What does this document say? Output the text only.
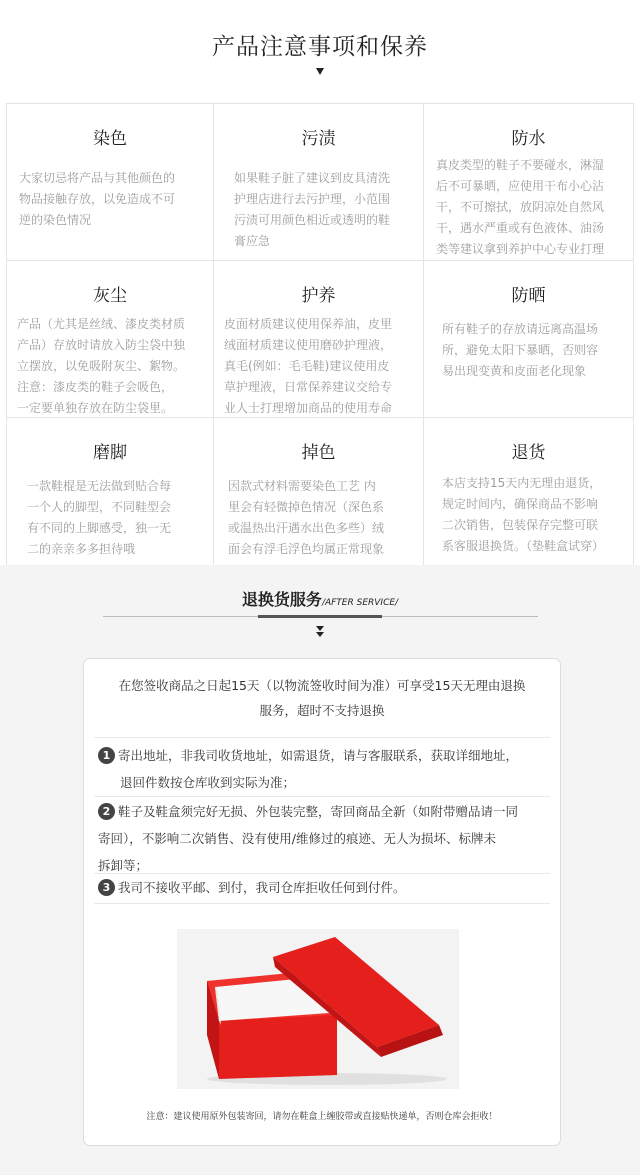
产品注意事项和保养
染色
大家切忌将产品与其他颜色的
物品接触存放，以免造成不可
逆的染色情况
污渍
如果鞋子脏了建议到皮具清洗
护理店进行去污护理，小范围
污渍可用颜色相近或透明的鞋
膏应急
防水
真皮类型的鞋子不要碰水，淋湿
后不可暴晒，应使用干布小心沾
干，不可擦拭，放阴凉处自然风
干，遇水严重或有色液体、油汤
类等建议拿到养护中心专业打理
灰尘
产品（尤其是丝绒、漆皮类材质
产品）存放时请放入防尘袋中独
立摆放，以免吸附灰尘、絮物。
注意：漆皮类的鞋子会吸色，
一定要单独存放在防尘袋里。
护养
皮面材质建议使用保养油，皮里
绒面材质建议使用磨砂护理液，
真毛(例如：毛毛鞋)建议使用皮
草护理液，日常保养建议交给专
业人士打理增加商品的使用寿命
防晒
所有鞋子的存放请远离高温场
所，避免太阳下暴晒，否则容
易出现变黄和皮面老化现象
磨脚
一款鞋棍是无法做到贴合每
一个人的脚型，不同鞋型会
有不同的上脚感受，独一无
二的亲亲多多担待哦
掉色
因款式材料需要染色工艺 内
里会有轻微掉色情况（深色系
或温热出汗遇水出色多些）绒
面会有浮毛浮色均属正常现象
退货
本店支持15天内无理由退货，
规定时间内，确保商品不影响
二次销售，包装保存完整可联
系客服退换货。（垫鞋盒试穿）
退换货服务/AFTER SERVICE/
在您签收商品之日起15天（以物流签收时间为准）可享受15天无理由退换
服务，超时不支持退换
1 寄出地址，非我司收货地址，如需退货，请与客服联系，获取详细地址，
退回件数按仓库收到实际为准；
2 鞋子及鞋盒须完好无损、外包装完整，寄回商品全新（如附带赠品请一同
寄回），不影响二次销售、没有使用/维修过的痕迹、无人为损坏、标牌未
拆卸等；
3 我司不接收平邮、到付，我司仓库拒收任何到付件。
注意：建议使用原外包装寄回，请勿在鞋盒上缠胶带或直接贴快递单，否则仓库会拒收！
